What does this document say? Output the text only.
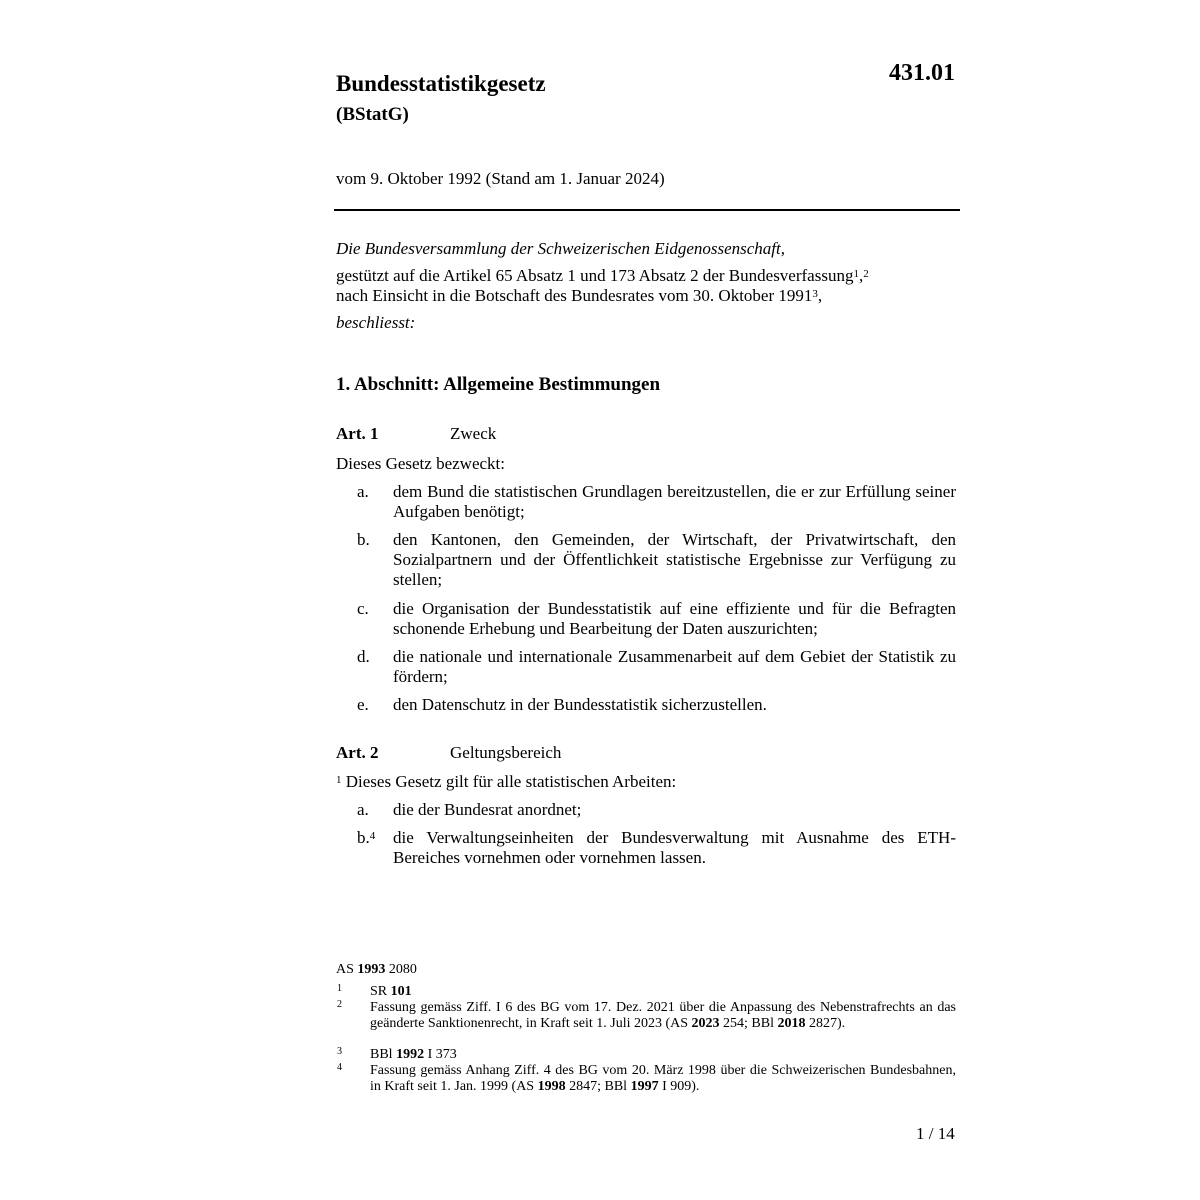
431.01
Bundesstatistikgesetz
(BStatG)
vom 9. Oktober 1992 (Stand am 1. Januar 2024)
Die Bundesversammlung der Schweizerischen Eidgenossenschaft,
gestützt auf die Artikel 65 Absatz 1 und 173 Absatz 2 der Bundesverfassung$^1$,$^2$
nach Einsicht in die Botschaft des Bundesrates vom 30. Oktober 1991$^3$,
beschliesst:
1. Abschnitt: Allgemeine Bestimmungen
Art. 1	Zweck
Dieses Gesetz bezweckt:
a. dem Bund die statistischen Grundlagen bereitzustellen, die er zur Erfüllung seiner Aufgaben benötigt;
b. den Kantonen, den Gemeinden, der Wirtschaft, der Privatwirtschaft, den Sozialpartnern und der Öffentlichkeit statistische Ergebnisse zur Verfügung zu stellen;
c. die Organisation der Bundesstatistik auf eine effiziente und für die Befragten schonende Erhebung und Bearbeitung der Daten auszurichten;
d. die nationale und internationale Zusammenarbeit auf dem Gebiet der Statistik zu fördern;
e. den Datenschutz in der Bundesstatistik sicherzustellen.
Art. 2	Geltungsbereich
$^1$ Dieses Gesetz gilt für alle statistischen Arbeiten:
a. die der Bundesrat anordnet;
b.$^4$ die Verwaltungseinheiten der Bundesverwaltung mit Ausnahme des ETH-Bereiches vornehmen oder vornehmen lassen.
AS 1993 2080
1 SR 101
2 Fassung gemäss Ziff. I 6 des BG vom 17. Dez. 2021 über die Anpassung des Nebenstrafrechts an das geänderte Sanktionenrecht, in Kraft seit 1. Juli 2023 (AS 2023 254; BBl 2018 2827).
3 BBl 1992 I 373
4 Fassung gemäss Anhang Ziff. 4 des BG vom 20. März 1998 über die Schweizerischen Bundesbahnen, in Kraft seit 1. Jan. 1999 (AS 1998 2847; BBl 1997 I 909).
1 / 14
